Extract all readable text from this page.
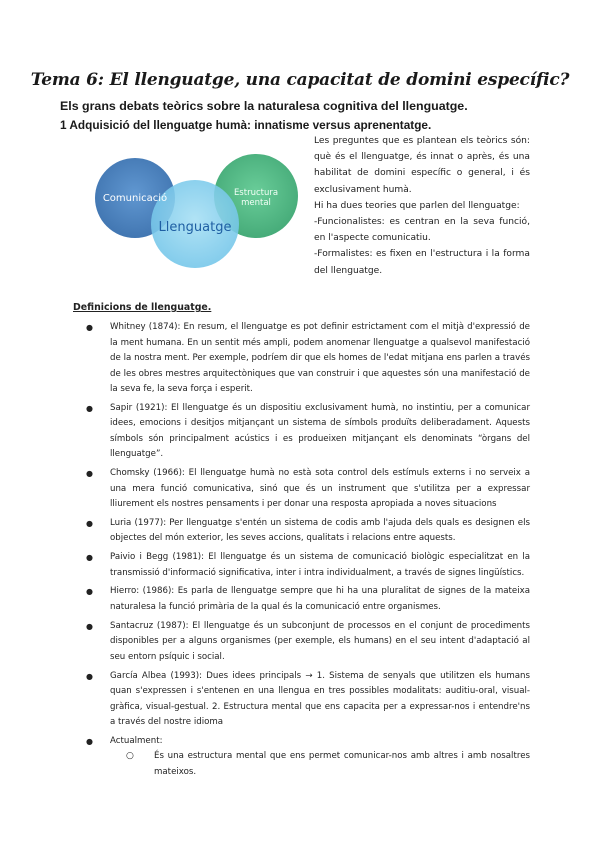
Tema 6: El llenguatge, una capacitat de domini específic?
Els grans debats teòrics sobre la naturalesa cognitiva del llenguatge.
1 Adquisició del llenguatge humà: innatisme versus aprenentatge.
Comunicació	Estructura
mental
Llenguatge

Les preguntes que es plantean els teòrics són: què és el llenguatge, és innat o après, és una habilitat de domini específic o general, i és exclusivament humà.

Hi ha dues teories que parlen del llenguatge:

-Funcionalistes: es centran en la seva funció, en l'aspecte comunicatiu.

-Formalistes: es fixen en l'estructura i la forma del llenguatge.

Definicions de llenguatge.
● Whitney (1874): En resum, el llenguatge es pot definir estrictament com el mitjà d'expressió de la ment humana. En un sentit més ampli, podem anomenar llenguatge a qualsevol manifestació de la nostra ment. Per exemple, podríem dir que els homes de l'edat mitjana ens parlen a través de les obres mestres arquitectòniques que van construir i que aquestes són una manifestació de la seva fe, la seva força i esperit.
● Sapir (1921): El llenguatge és un dispositiu exclusivament humà, no instintiu, per a comunicar idees, emocions i desitjos mitjançant un sistema de símbols produïts deliberadament. Aquests símbols són principalment acústics i es produeixen mitjançant els denominats “òrgans del llenguatge”.
● Chomsky (1966): El llenguatge humà no està sota control dels estímuls externs i no serveix a una mera funció comunicativa, sinó que és un instrument que s'utilitza per a expressar lliurement els nostres pensaments i per donar una resposta apropiada a noves situacions
● Luria (1977): Per llenguatge s'entén un sistema de codis amb l'ajuda dels quals es designen els objectes del món exterior, les seves accions, qualitats i relacions entre aquests.
● Paivio i Begg (1981): El llenguatge és un sistema de comunicació biològic especialitzat en la transmissió d'informació significativa, inter i intra individualment, a través de signes lingüístics.
● Hierro: (1986): Es parla de llenguatge sempre que hi ha una pluralitat de signes de la mateixa naturalesa la funció primària de la qual és la comunicació entre organismes.
● Santacruz (1987): El llenguatge és un subconjunt de processos en el conjunt de procediments disponibles per a alguns organismes (per exemple, els humans) en el seu intent d'adaptació al seu entorn psíquic i social.
● García Albea (1993): Dues idees principals → 1. Sistema de senyals que utilitzen els humans quan s'expressen i s'entenen en una llengua en tres possibles modalitats: auditiu-oral, visual-gràfica, visual-gestual. 2. Estructura mental que ens capacita per a expressar-nos i entendre'ns a través del nostre idioma
● Actualment:
○ És una estructura mental que ens permet comunicar-nos amb altres i amb nosaltres mateixos.
